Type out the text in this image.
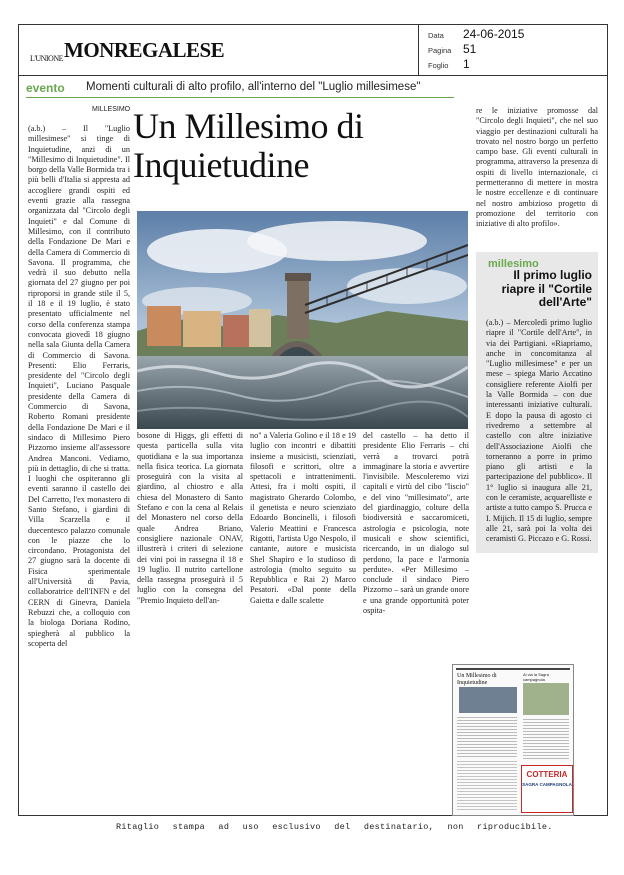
L'UNIONEMONREGALESE
Data 24-06-2015
Pagina 51
Foglio 1
evento Momenti culturali di alto profilo, all'interno del "Luglio millesimese"
MILLESIMO Un Millesimo di Inquietudine
(a.b.) – Il "Luglio millesimese" si tinge di Inquietudine, anzi di un "Millesimo di Inquietudine". Il borgo della Valle Bormida tra i più belli d'Italia si appresta ad accogliere grandi ospiti ed eventi grazie alla rassegna organizzata dal "Circolo degli Inquieti" e dal Comune di Millesimo, con il contributo della Fondazione De Mari e della Camera di Commercio di Savona. Il programma, che vedrà il suo debutto nella giornata del 27 giugno per poi riproporsi in grande stile il 5, il 18 e il 19 luglio, è stato presentato ufficialmente nel corso della conferenza stampa convocata giovedì 18 giugno nella sala Giunta della Camera di Commercio di Savona. Presenti: Elio Ferraris, presidente del "Circolo degli Inquieti", Luciano Pasquale presidente della Camera di Commercio di Savona, Roberto Romani presidente della Fondazione De Mari e il sindaco di Millesimo Piero Pizzorno insieme all'assessore Andrea Manconi. Vediamo, più in dettaglio, di che si tratta. I luoghi che ospiteranno gli eventi saranno il castello dei Del Carretto, l'ex monastero di Santo Stefano, i giardini di Villa Scarzella e il duecentesco palazzo comunale con le piazze che lo circondano. Protagonista del 27 giugno sarà la docente di Fisica sperimentale all'Università di Pavia, collaboratrice dell'INFN e del CERN di Ginevra, Daniela Rebuzzi che, a colloquio con la biologa Doriana Rodino, spiegherà al pubblico la scoperta del
bosone di Higgs, gli effetti di questa particella sulla vita quotidiana e la sua importanza nella fisica teorica. La giornata proseguirà con la visita al giardino, al chiostro e alla chiesa del Monastero di Santo Stefano e con la cena al Relais del Monastero nel corso della quale Andrea Briano, consigliere nazionale ONAV, illustrerà i criteri di selezione dei vini poi in rassegna il 18 e 19 luglio. Il nutrito cartellone della rassegna proseguirà il 5 luglio con la consegna del "Premio Inquieto dell'an-
no" a Valeria Golino e il 18 e 19 luglio con incontri e dibattiti insieme a musicisti, scienziati, filosofi e scrittori, oltre a spettacoli e intrattenimenti. Attesi, fra i molti ospiti, il magistrato Gherardo Colombo, il genetista e neuro scienziato Edoardo Boncinelli, i filosofi Valerio Meattini e Francesca Rigotti, l'artista Ugo Nespolo, il cantante, autore e musicista Shel Shapiro e lo studioso di astrologia (molto seguito su Repubblica e Rai 2) Marco Pesatori. «Dal ponte della Gaietta e dalle scalette
del castello – ha detto il presidente Elio Ferraris – chi verrà a trovarci potrà immaginare la storia e avvertire l'invisibile. Mescoleremo vizi capitali e virtù del cibo "liscio" e del vino "millesimato", arte del giardinaggio, colture della biodiversità e saccaromiceti, astrologia e psicologia, note musicali e show scientifici, ricercando, in un dialogo sul perdono, la pace e l'armonia perdute». «Per Millesimo – conclude il sindaco Piero Pizzorno – sarà un grande onore e una grande opportunità poter ospita-
re le iniziative promosse dal "Circolo degli Inquieti", che nel suo viaggio per destinazioni culturali ha trovato nel nostro borgo un perfetto campo base. Gli eventi culturali in programma, attraverso la presenza di ospiti di livello internazionale, ci permetteranno di mettere in mostra le nostre eccellenze e di continuare nel nostro ambizioso progetto di promozione del territorio con iniziative di alto profilo».
millesimo
Il primo luglio riapre il "Cortile dell'Arte"
(a.b.) – Mercoledì primo luglio riapre il "Cortile dell'Arte", in via dei Partigiani. «Riapriamo, anche in concomitanza al "Luglio millesimese" e per un mese – spiega Mario Accatino consigliere referente Aiolfi per la Valle Bormida – con due interessanti iniziative culturali. E dopo la pausa di agosto ci rivedremo a settembre al castello con altre iniziative dell'Associazione Aiolfi che torneranno a porre in primo piano gli artisti e la partecipazione del pubblico». Il 1° luglio si inaugura alle 21, con le ceramiste, acquarelliste e artiste a tutto campo S. Prucca e I. Mijich. Il 15 di luglio, sempre alle 21, sarà poi la volta dei ceramisti G. Piccazo e G. Rossi.
Un Millesimo di Inquietudine
Al via la Sagra campagnola
COTTERIA
SAGRA CAMPAGNOLA
Ritaglio stampa ad uso esclusivo del destinatario, non riproducibile.
